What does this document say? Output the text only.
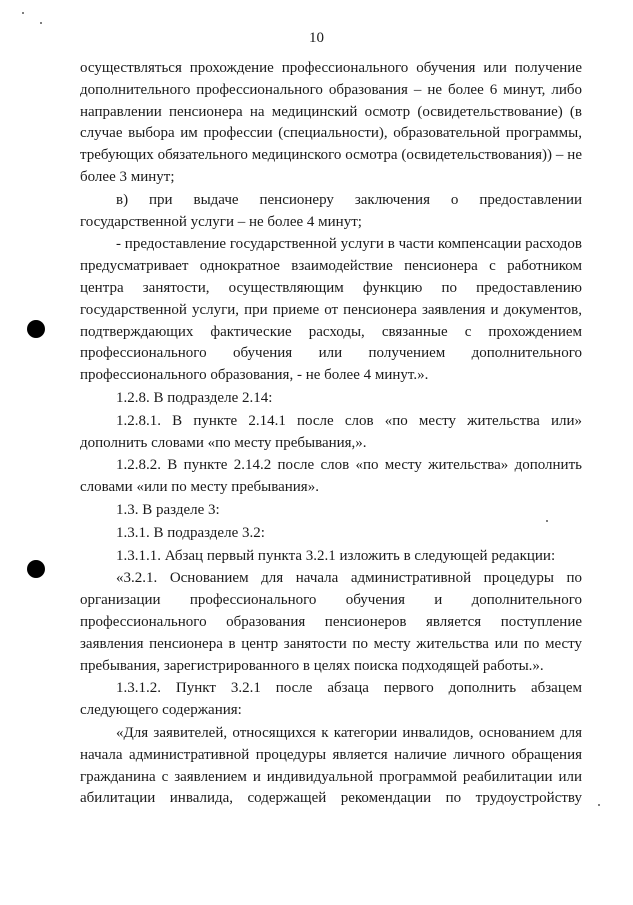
10

осуществляться прохождение профессионального обучения или получение дополнительного профессионального образования – не более 6 минут, либо направлении пенсионера на медицинский осмотр (освидетельствование) (в случае выбора им профессии (специальности), образовательной программы, требующих обязательного медицинского осмотра (освидетельствования)) – не более 3 минут;

в) при выдаче пенсионеру заключения о предоставлении государственной услуги – не более 4 минут;

- предоставление государственной услуги в части компенсации расходов предусматривает однократное взаимодействие пенсионера с работником центра занятости, осуществляющим функцию по предоставлению государственной услуги, при приеме от пенсионера заявления и документов, подтверждающих фактические расходы, связанные с прохождением профессионального обучения или получением дополнительного профессионального образования, - не более 4 минут.».

1.2.8. В подразделе 2.14:

1.2.8.1. В пункте 2.14.1 после слов «по месту жительства или» дополнить словами «по месту пребывания,».

1.2.8.2. В пункте 2.14.2 после слов «по месту жительства» дополнить словами «или по месту пребывания».

1.3. В разделе 3:

1.3.1. В подразделе 3.2:

1.3.1.1. Абзац первый пункта 3.2.1 изложить в следующей редакции:

«3.2.1. Основанием для начала административной процедуры по организации профессионального обучения и дополнительного профессионального образования пенсионеров является поступление заявления пенсионера в центр занятости по месту жительства или по месту пребывания, зарегистрированного в целях поиска подходящей работы.».

1.3.1.2. Пункт 3.2.1 после абзаца первого дополнить абзацем следующего содержания:

«Для заявителей, относящихся к категории инвалидов, основанием для начала административной процедуры является наличие личного обращения гражданина с заявлением и индивидуальной программой реабилитации или абилитации инвалида, содержащей рекомендации по трудоустройству
